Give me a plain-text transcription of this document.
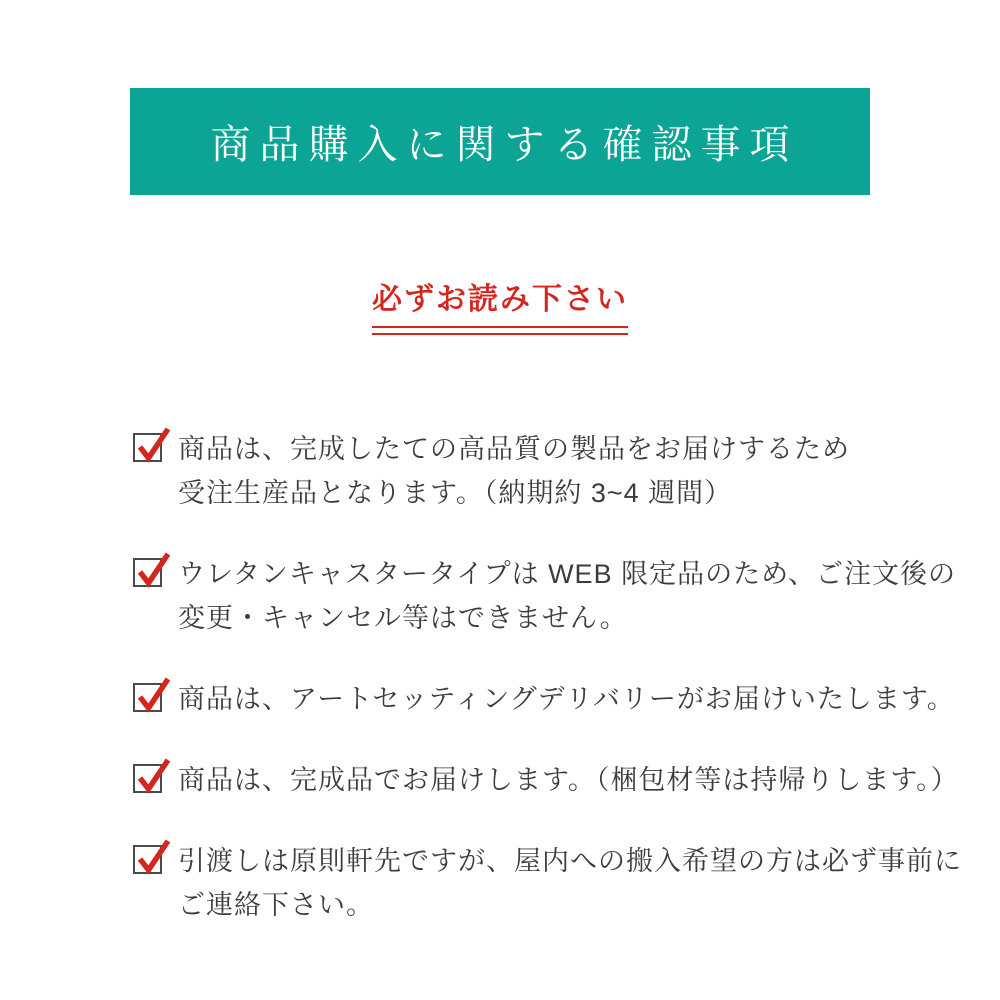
商品購入に関する確認事項
必ずお読み下さい
商品は、完成したての高品質の製品をお届けするため
受注生産品となります。（納期約 3~4 週間）
ウレタンキャスタータイプは WEB 限定品のため、ご注文後の
変更・キャンセル等はできません。
商品は、アートセッティングデリバリーがお届けいたします。
商品は、完成品でお届けします。（梱包材等は持帰りします。）
引渡しは原則軒先ですが、屋内への搬入希望の方は必ず事前に
ご連絡下さい。
